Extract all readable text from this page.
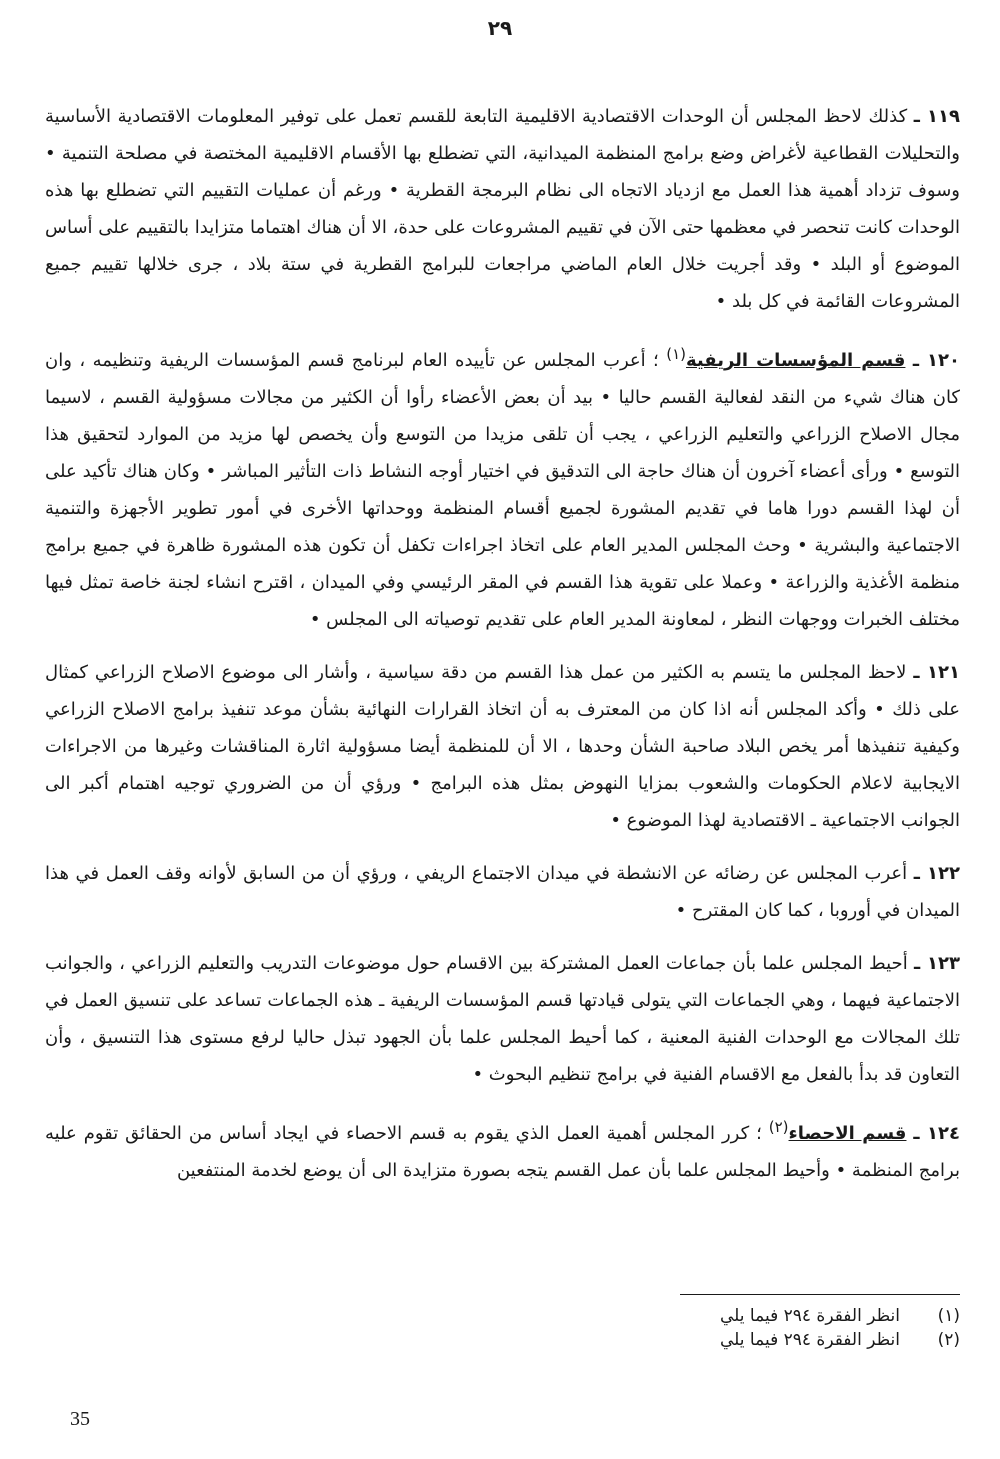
٢٩

١١٩ ـ كذلك لاحظ المجلس أن الوحدات الاقتصادية الاقليمية التابعة للقسم تعمل على توفير المعلومات الاقتصادية الأساسية والتحليلات القطاعية لأغراض وضع برامج المنظمة الميدانية، التي تضطلع بها الأقسام الاقليمية المختصة في مصلحة التنمية • وسوف تزداد أهمية هذا العمل مع ازدياد الاتجاه الى نظام البرمجة القطرية • ورغم أن عمليات التقييم التي تضطلع بها هذه الوحدات كانت تنحصر في معظمها حتى الآن في تقييم المشروعات على حدة، الا أن هناك اهتماما متزايدا بالتقييم على أساس الموضوع أو البلد • وقد أجريت خلال العام الماضي مراجعات للبرامج القطرية في ستة بلاد ، جرى خلالها تقييم جميع المشروعات القائمة في كل بلد •

١٢٠ ـ قسم المؤسسات الريفية$^{(١)}$ ؛ أعرب المجلس عن تأييده العام لبرنامج قسم المؤسسات الريفية وتنظيمه ، وان كان هناك شيء من النقد لفعالية القسم حاليا • بيد أن بعض الأعضاء رأوا أن الكثير من مجالات مسؤولية القسم ، لاسيما مجال الاصلاح الزراعي والتعليم الزراعي ، يجب أن تلقى مزيدا من التوسع وأن يخصص لها مزيد من الموارد لتحقيق هذا التوسع • ورأى أعضاء آخرون أن هناك حاجة الى التدقيق في اختيار أوجه النشاط ذات التأثير المباشر • وكان هناك تأكيد على أن لهذا القسم دورا هاما في تقديم المشورة لجميع أقسام المنظمة ووحداتها الأخرى في أمور تطوير الأجهزة والتنمية الاجتماعية والبشرية • وحث المجلس المدير العام على اتخاذ اجراءات تكفل أن تكون هذه المشورة ظاهرة في جميع برامج منظمة الأغذية والزراعة • وعملا على تقوية هذا القسم في المقر الرئيسي وفي الميدان ، اقترح انشاء لجنة خاصة تمثل فيها مختلف الخبرات ووجهات النظر ، لمعاونة المدير العام على تقديم توصياته الى المجلس •

١٢١ ـ لاحظ المجلس ما يتسم به الكثير من عمل هذا القسم من دقة سياسية ، وأشار الى موضوع الاصلاح الزراعي كمثال على ذلك • وأكد المجلس أنه اذا كان من المعترف به أن اتخاذ القرارات النهائية بشأن موعد تنفيذ برامج الاصلاح الزراعي وكيفية تنفيذها أمر يخص البلاد صاحبة الشأن وحدها ، الا أن للمنظمة أيضا مسؤولية اثارة المناقشات وغيرها من الاجراءات الايجابية لاعلام الحكومات والشعوب بمزايا النهوض بمثل هذه البرامج • ورؤي أن من الضروري توجيه اهتمام أكبر الى الجوانب الاجتماعية ـ الاقتصادية لهذا الموضوع •

١٢٢ ـ أعرب المجلس عن رضائه عن الانشطة في ميدان الاجتماع الريفي ، ورؤي أن من السابق لأوانه وقف العمل في هذا الميدان في أوروبا ، كما كان المقترح •

١٢٣ ـ أحيط المجلس علما بأن جماعات العمل المشتركة بين الاقسام حول موضوعات التدريب والتعليم الزراعي ، والجوانب الاجتماعية فيهما ، وهي الجماعات التي يتولى قيادتها قسم المؤسسات الريفية ـ هذه الجماعات تساعد على تنسيق العمل في تلك المجالات مع الوحدات الفنية المعنية ، كما أحيط المجلس علما بأن الجهود تبذل حاليا لرفع مستوى هذا التنسيق ، وأن التعاون قد بدأ بالفعل مع الاقسام الفنية في برامج تنظيم البحوث •

١٢٤ ـ قسم الاحصاء$^{(٢)}$ ؛ كرر المجلس أهمية العمل الذي يقوم به قسم الاحصاء في ايجاد أساس من الحقائق تقوم عليه برامج المنظمة • وأحيط المجلس علما بأن عمل القسم يتجه بصورة متزايدة الى أن يوضع لخدمة المنتفعين

(١)
انظر الفقرة ٢٩٤ فيما يلي
(٢)
انظر الفقرة ٢٩٤ فيما يلي
35
